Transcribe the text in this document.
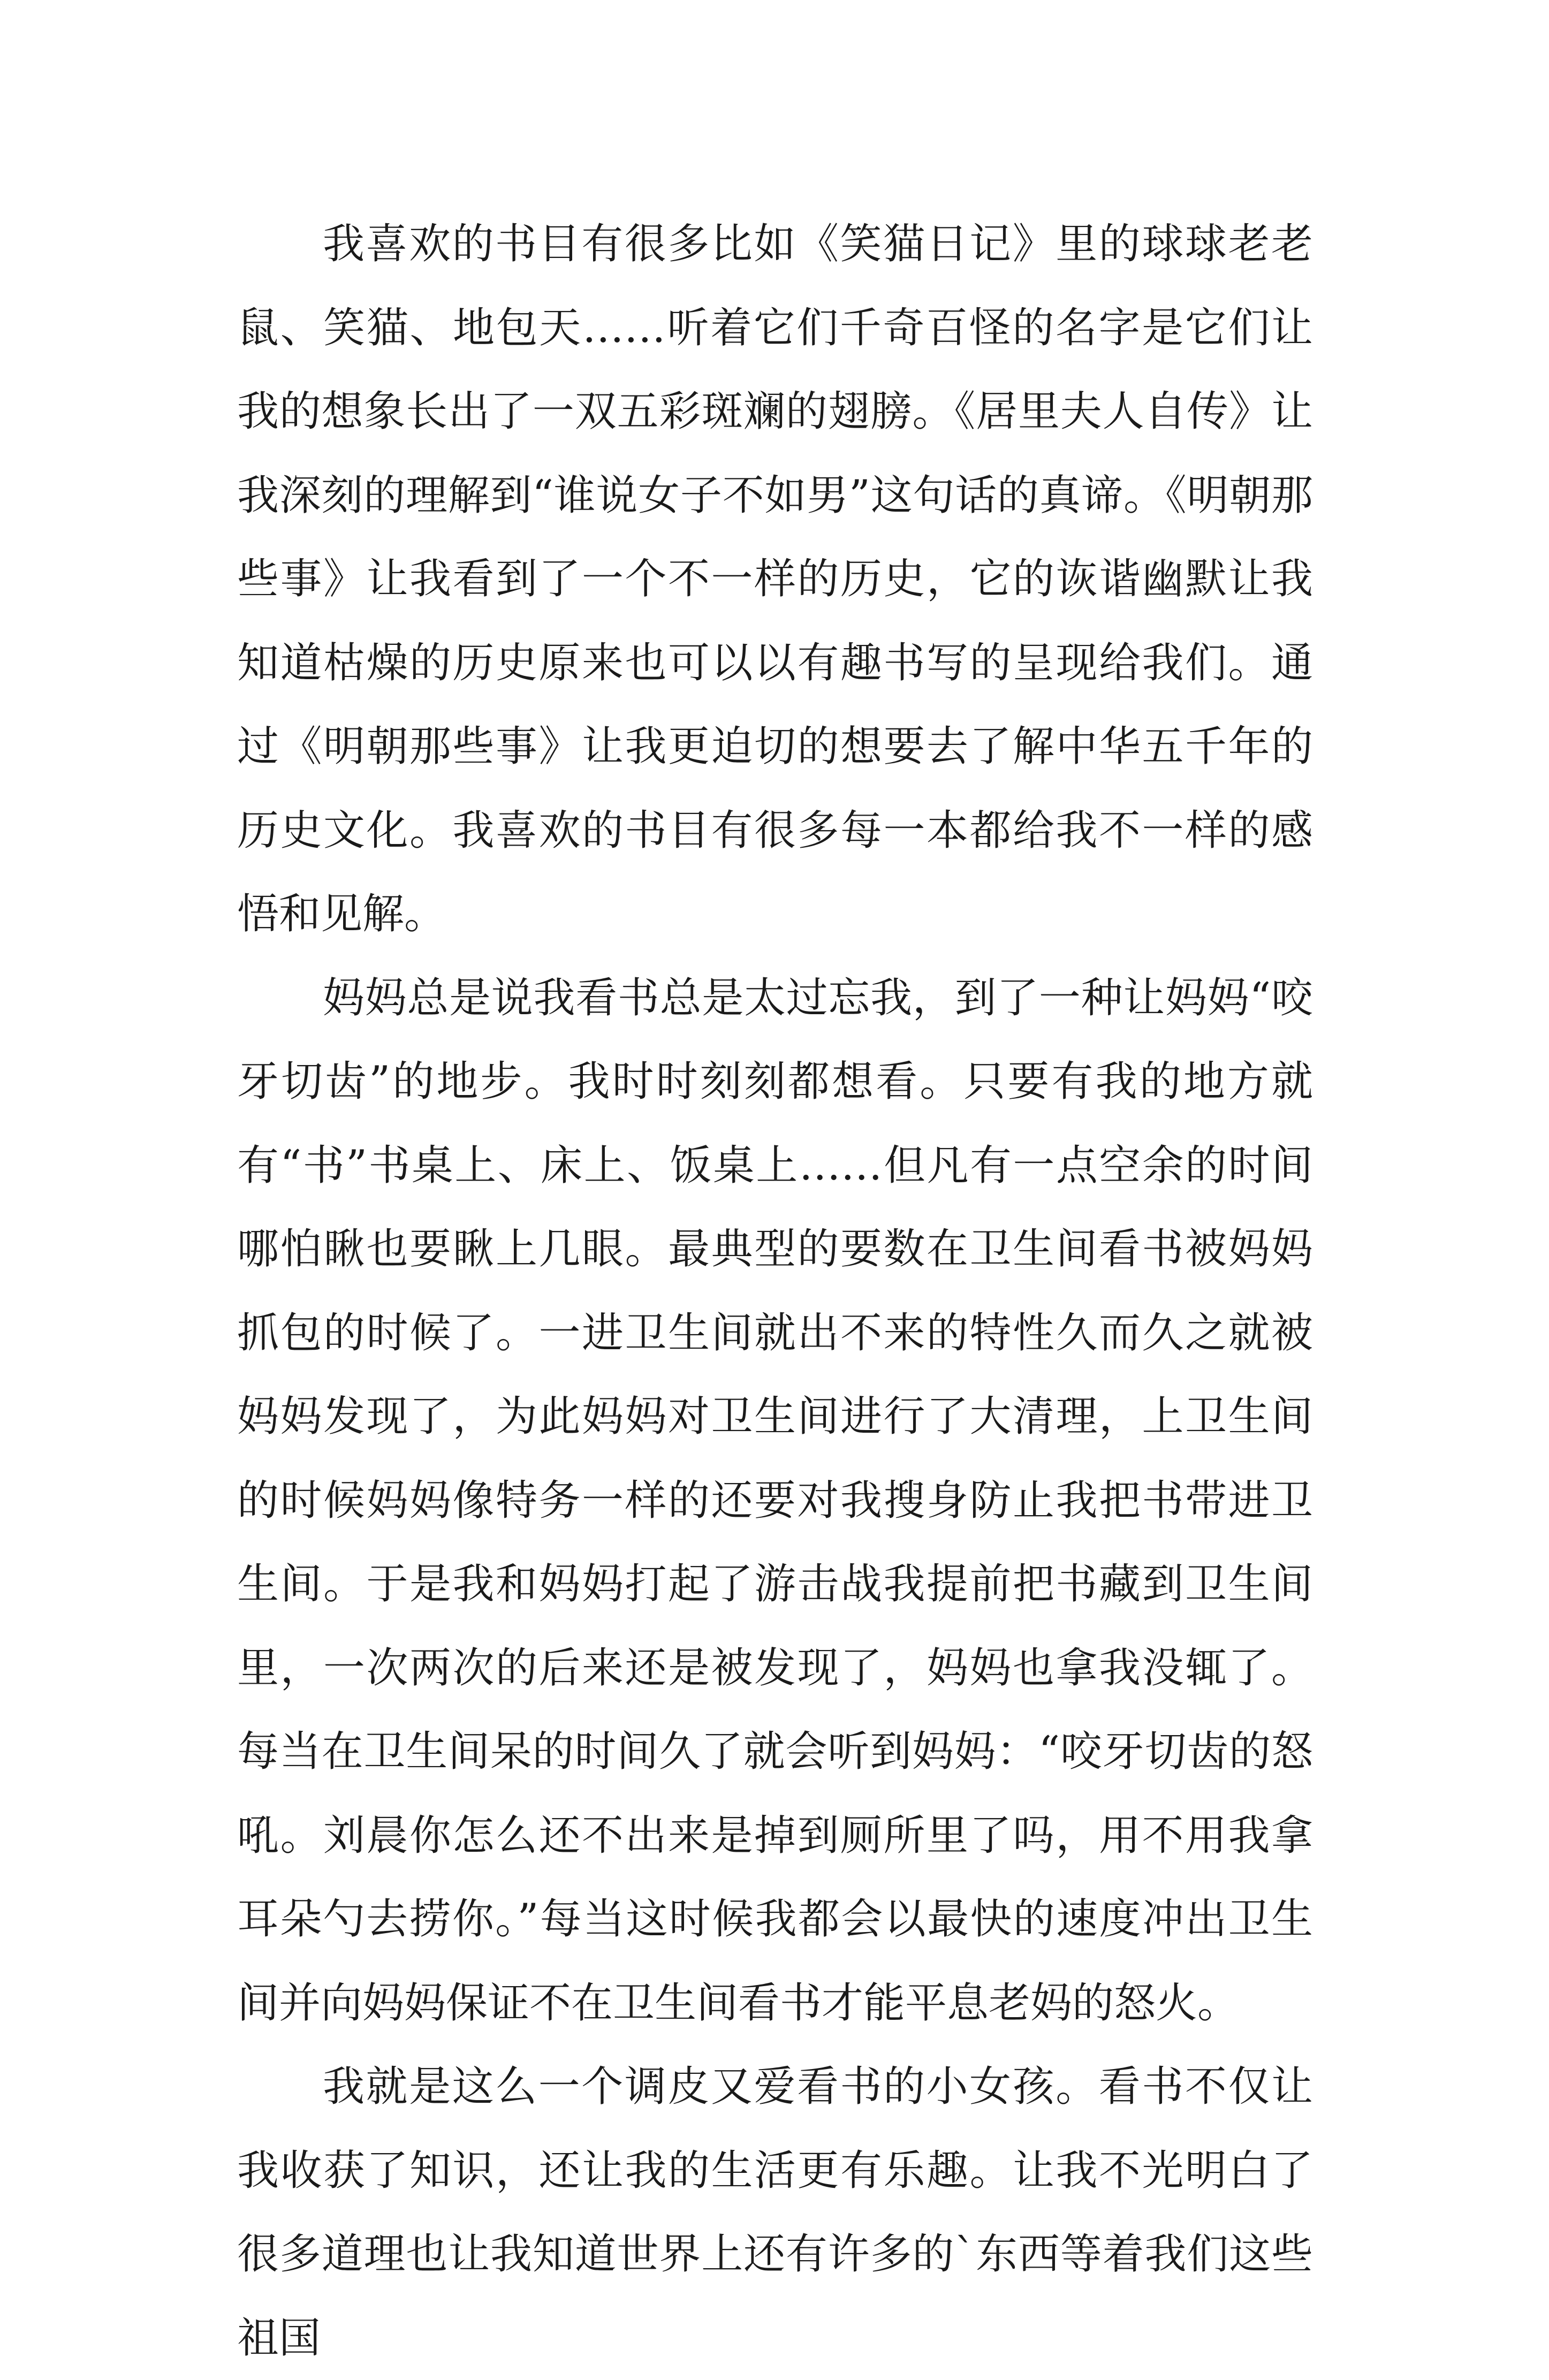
我喜欢的书目有很多比如《笑猫日记》里的球球老老鼠、笑猫、地包天……听着它们千奇百怪的名字是它们让我的想象长出了一双五彩斑斓的翅膀。《居里夫人自传》让我深刻的理解到“谁说女子不如男”这句话的真谛。《明朝那些事》让我看到了一个不一样的历史，它的诙谐幽默让我知道枯燥的历史原来也可以以有趣书写的呈现给我们。通过《明朝那些事》让我更迫切的想要去了解中华五千年的历史文化。我喜欢的书目有很多每一本都给我不一样的感悟和见解。

妈妈总是说我看书总是太过忘我，到了一种让妈妈“咬牙切齿”的地步。我时时刻刻都想看。只要有我的地方就有“书”书桌上、床上、饭桌上……但凡有一点空余的时间哪怕瞅也要瞅上几眼。最典型的要数在卫生间看书被妈妈抓包的时候了。一进卫生间就出不来的特性久而久之就被妈妈发现了，为此妈妈对卫生间进行了大清理，上卫生间的时候妈妈像特务一样的还要对我搜身防止我把书带进卫生间。于是我和妈妈打起了游击战我提前把书藏到卫生间里，一次两次的后来还是被发现了，妈妈也拿我没辄了。每当在卫生间呆的时间久了就会听到妈妈：“咬牙切齿的怒吼。刘晨你怎么还不出来是掉到厕所里了吗，用不用我拿耳朵勺去捞你。”每当这时候我都会以最快的速度冲出卫生间并向妈妈保证不在卫生间看书才能平息老妈的怒火。

我就是这么一个调皮又爱看书的小女孩。看书不仅让我收获了知识，还让我的生活更有乐趣。让我不光明白了很多道理也让我知道世界上还有许多的`东西等着我们这些祖国
